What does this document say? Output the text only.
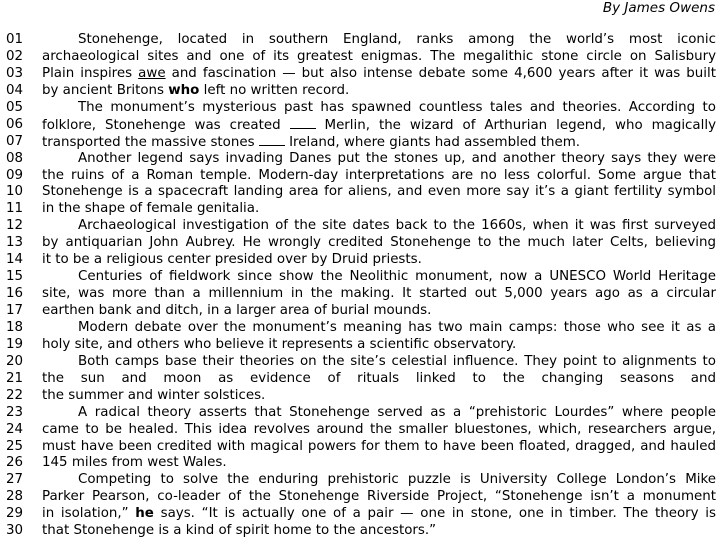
By James Owens
01	Stonehenge, located in southern England, ranks among the world’s most iconic
02	archaeological sites and one of its greatest enigmas. The megalithic stone circle on Salisbury
03	Plain inspires awe and fascination — but also intense debate some 4,600 years after it was built
04	by ancient Britons who left no written record.
05	The monument’s mysterious past has spawned countless tales and theories. According to
06	folklore, Stonehenge was created  Merlin, the wizard of Arthurian legend, who magically
07	transported the massive stones  Ireland, where giants had assembled them.
08	Another legend says invading Danes put the stones up, and another theory says they were
09	the ruins of a Roman temple. Modern-day interpretations are no less colorful. Some argue that
10	Stonehenge is a spacecraft landing area for aliens, and even more say it’s a giant fertility symbol
11	in the shape of female genitalia.
12	Archaeological investigation of the site dates back to the 1660s, when it was first surveyed
13	by antiquarian John Aubrey. He wrongly credited Stonehenge to the much later Celts, believing
14	it to be a religious center presided over by Druid priests.
15	Centuries of fieldwork since show the Neolithic monument, now a UNESCO World Heritage
16	site, was more than a millennium in the making. It started out 5,000 years ago as a circular
17	earthen bank and ditch, in a larger area of burial mounds.
18	Modern debate over the monument’s meaning has two main camps: those who see it as a
19	holy site, and others who believe it represents a scientific observatory.
20	Both camps base their theories on the site’s celestial influence. They point to alignments to
21	the sun and moon as evidence of rituals linked to the changing seasons and
22	the summer and winter solstices.
23	A radical theory asserts that Stonehenge served as a “prehistoric Lourdes” where people
24	came to be healed. This idea revolves around the smaller bluestones, which, researchers argue,
25	must have been credited with magical powers for them to have been floated, dragged, and hauled
26	145 miles from west Wales.
27	Competing to solve the enduring prehistoric puzzle is University College London’s Mike
28	Parker Pearson, co-leader of the Stonehenge Riverside Project, “Stonehenge isn’t a monument
29	in isolation,” he says. “It is actually one of a pair — one in stone, one in timber. The theory is
30	that Stonehenge is a kind of spirit home to the ancestors.”
